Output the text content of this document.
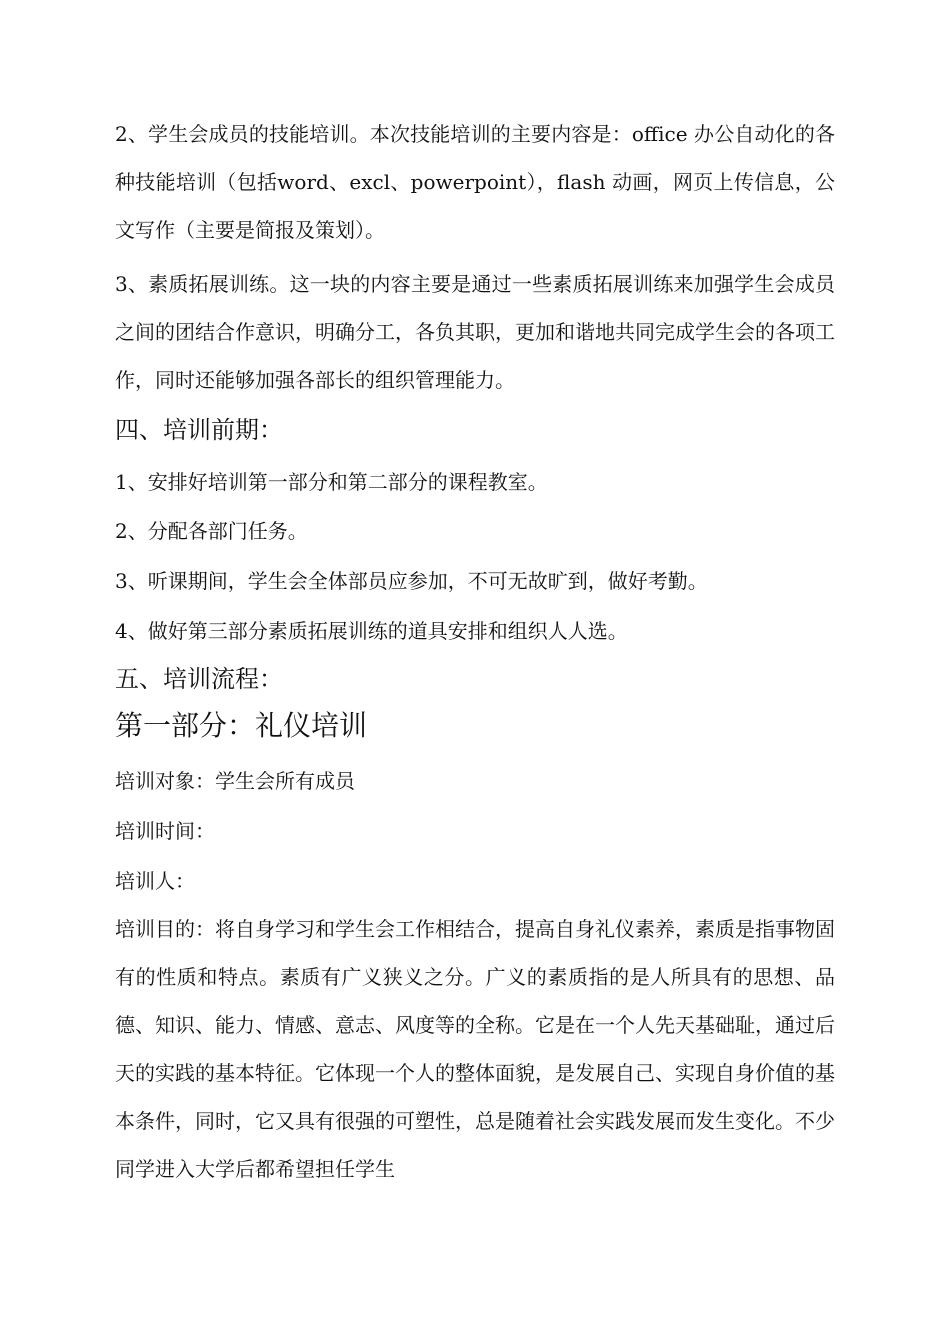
2、学生会成员的技能培训。本次技能培训的主要内容是：office 办公自动化的各种技能培训（包括word、excl、powerpoint），flash 动画，网页上传信息，公文写作（主要是简报及策划）。

3、素质拓展训练。这一块的内容主要是通过一些素质拓展训练来加强学生会成员之间的团结合作意识，明确分工，各负其职，更加和谐地共同完成学生会的各项工作，同时还能够加强各部长的组织管理能力。

四、培训前期：

1、安排好培训第一部分和第二部分的课程教室。

2、分配各部门任务。

3、听课期间，学生会全体部员应参加，不可无故旷到，做好考勤。

4、做好第三部分素质拓展训练的道具安排和组织人人选。

五、培训流程：
第一部分：礼仪培训

培训对象：学生会所有成员

培训时间：

培训人：

培训目的：将自身学习和学生会工作相结合，提高自身礼仪素养，素质是指事物固有的性质和特点。素质有广义狭义之分。广义的素质指的是人所具有的思想、品德、知识、能力、情感、意志、风度等的全称。它是在一个人先天基础耻，通过后天的实践的基本特征。它体现一个人的整体面貌，是发展自己、实现自身价值的基本条件，同时，它又具有很强的可塑性，总是随着社会实践发展而发生变化。不少同学进入大学后都希望担任学生
